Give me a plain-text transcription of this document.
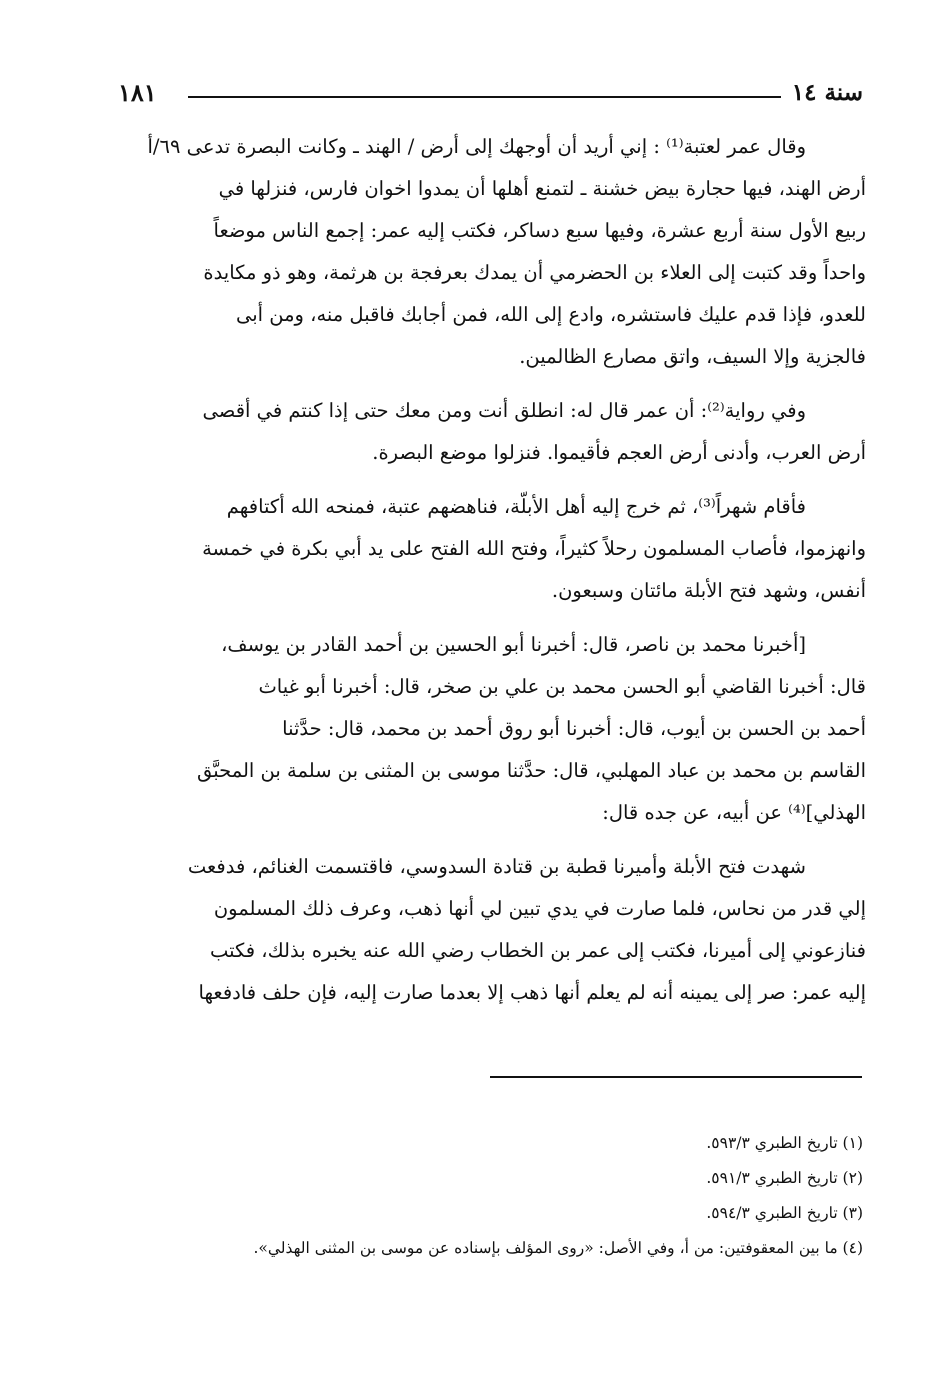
سنة ١٤
١٨١
وقال عمر لعتبة⁽¹⁾ : إني أريد أن أوجهك إلى أرض / الهند ـ وكانت البصرة تدعى ٦٩/أ
أرض الهند، فيها حجارة بيض خشنة ـ لتمنع أهلها أن يمدوا اخوان فارس، فنزلها في
ربيع الأول سنة أربع عشرة، وفيها سبع دساكر، فكتب إليه عمر: إجمع الناس موضعاً
واحداً وقد كتبت إلى العلاء بن الحضرمي أن يمدك بعرفجة بن هرثمة، وهو ذو مكايدة
للعدو، فإذا قدم عليك فاستشره، وادع إلى الله، فمن أجابك فاقبل منه، ومن أبى
فالجزية وإلا السيف، واتق مصارع الظالمين.
وفي رواية⁽²⁾: أن عمر قال له: انطلق أنت ومن معك حتى إذا كنتم في أقصى
أرض العرب، وأدنى أرض العجم فأقيموا. فنزلوا موضع البصرة.
فأقام شهراً⁽³⁾، ثم خرج إليه أهل الأبلّة، فناهضهم عتبة، فمنحه الله أكتافهم
وانهزموا، فأصاب المسلمون رحلاً كثيراً، وفتح الله الفتح على يد أبي بكرة في خمسة
أنفس، وشهد فتح الأبلة مائتان وسبعون.
[أخبرنا محمد بن ناصر، قال: أخبرنا أبو الحسين بن أحمد القادر بن يوسف،
قال: أخبرنا القاضي أبو الحسن محمد بن علي بن صخر، قال: أخبرنا أبو غياث
أحمد بن الحسن بن أيوب، قال: أخبرنا أبو روق أحمد بن محمد، قال: حدَّثنا
القاسم بن محمد بن عباد المهلبي، قال: حدَّثنا موسى بن المثنى بن سلمة بن المحبَّق
الهذلي]⁽⁴⁾ عن أبيه، عن جده قال:
شهدت فتح الأبلة وأميرنا قطبة بن قتادة السدوسي، فاقتسمت الغنائم، فدفعت
إلي قدر من نحاس، فلما صارت في يدي تبين لي أنها ذهب، وعرف ذلك المسلمون
فنازعوني إلى أميرنا، فكتب إلى عمر بن الخطاب رضي الله عنه يخبره بذلك، فكتب
إليه عمر: صر إلى يمينه أنه لم يعلم أنها ذهب إلا بعدما صارت إليه، فإن حلف فادفعها
(١) تاريخ الطبري ٥٩٣/٣.
(٢) تاريخ الطبري ٥٩١/٣.
(٣) تاريخ الطبري ٥٩٤/٣.
(٤) ما بين المعقوفتين: من أ، وفي الأصل: «روى المؤلف بإسناده عن موسى بن المثنى الهذلي».
